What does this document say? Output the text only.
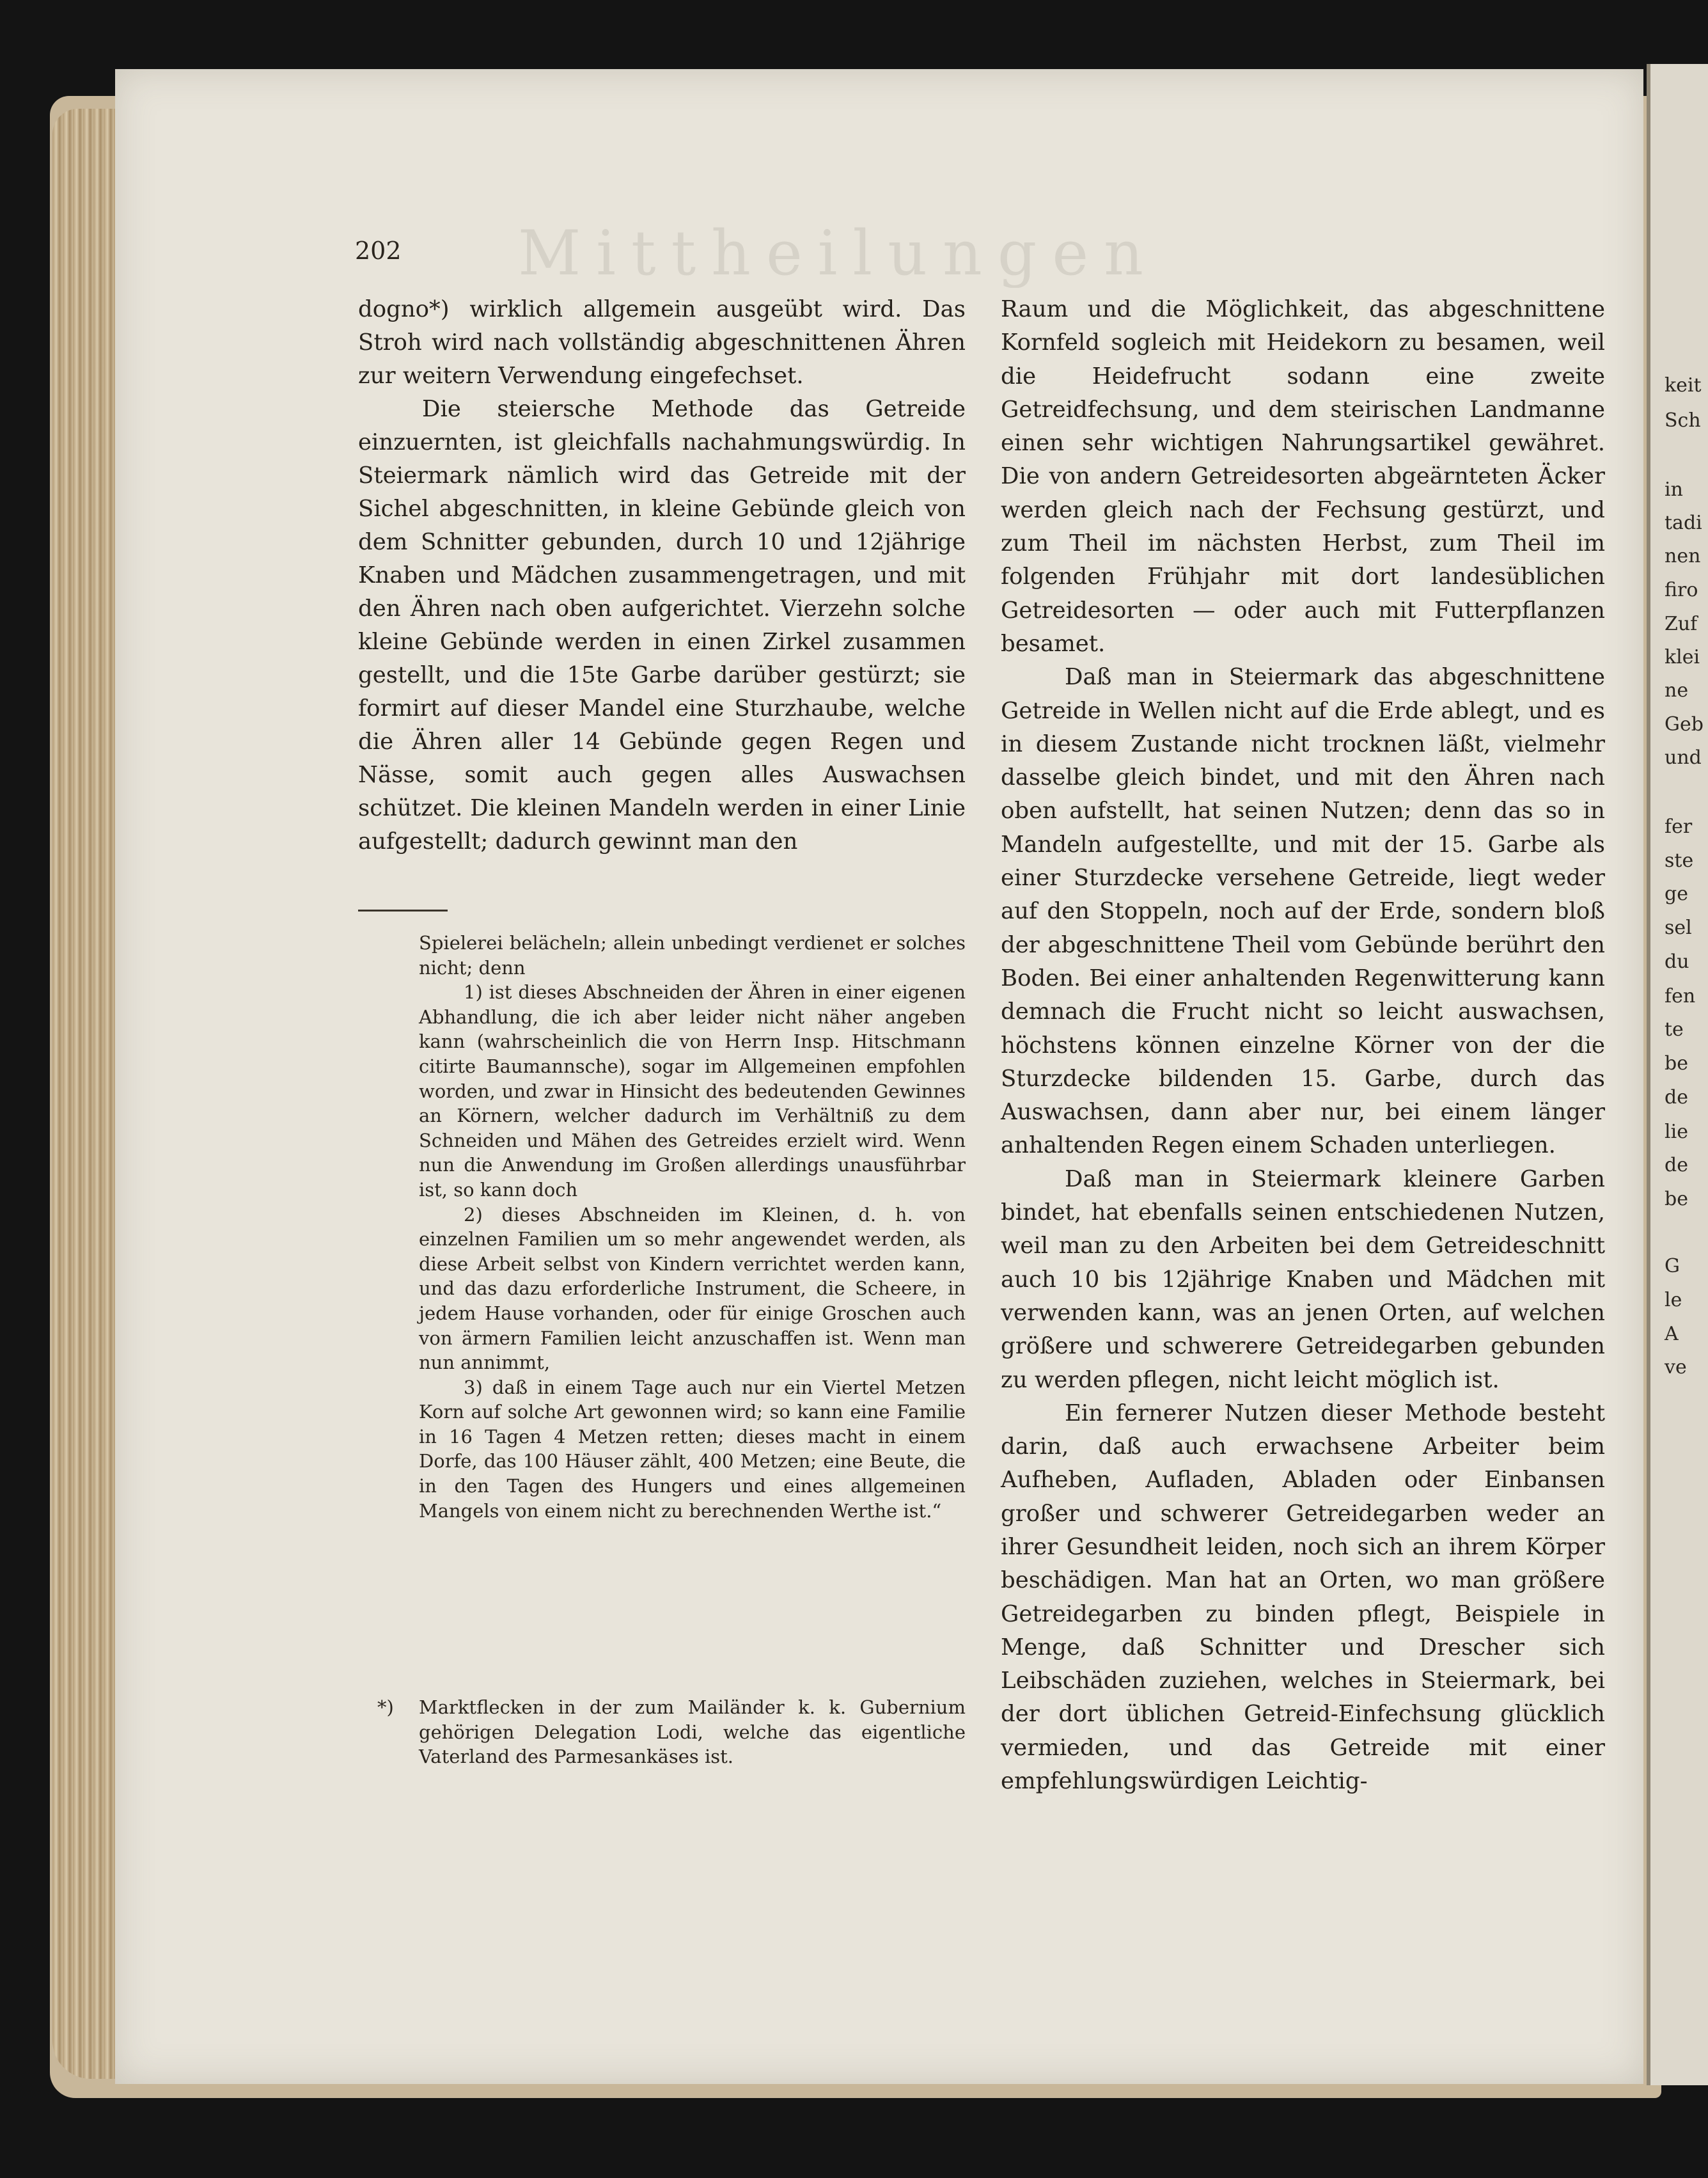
keit
Sch
in
tadi
nen
firo
Zuf
klei
ne
Geb
und
fer
ste
ge
sel
du
fen
te
be
de
lie
de
be
G
le
A
ve
Mittheilungen
202

dogno*) wirklich allgemein ausgeübt wird. Das Stroh wird nach vollständig abgeschnittenen Ähren zur weitern Verwendung eingefechset.

Die steiersche Methode das Getreide einzuernten, ist gleichfalls nachahmungswürdig. In Steiermark nämlich wird das Getreide mit der Sichel abgeschnitten, in kleine Gebünde gleich von dem Schnitter gebunden, durch 10 und 12jährige Knaben und Mädchen zusammengetragen, und mit den Ähren nach oben aufgerichtet. Vierzehn solche kleine Gebünde werden in einen Zirkel zusammen gestellt, und die 15te Garbe darüber gestürzt; sie formirt auf dieser Mandel eine Sturzhaube, welche die Ähren aller 14 Gebünde gegen Regen und Nässe, somit auch gegen alles Auswachsen schützet. Die kleinen Mandeln werden in einer Linie aufgestellt; dadurch gewinnt man den

Spielerei belächeln; allein unbedingt verdienet er solches nicht; denn

1) ist dieses Abschneiden der Ähren in einer eigenen Abhandlung, die ich aber leider nicht näher angeben kann (wahrscheinlich die von Herrn Insp. Hitschmann citirte Baumannsche), sogar im Allgemeinen empfohlen worden, und zwar in Hinsicht des bedeutenden Gewinnes an Körnern, welcher dadurch im Verhältniß zu dem Schneiden und Mähen des Getreides erzielt wird. Wenn nun die Anwendung im Großen allerdings unausführbar ist, so kann doch

2) dieses Abschneiden im Kleinen, d. h. von einzelnen Familien um so mehr angewendet werden, als diese Arbeit selbst von Kindern verrichtet werden kann, und das dazu erforderliche Instrument, die Scheere, in jedem Hause vorhanden, oder für einige Groschen auch von ärmern Familien leicht anzuschaffen ist. Wenn man nun annimmt,

3) daß in einem Tage auch nur ein Viertel Metzen Korn auf solche Art gewonnen wird; so kann eine Familie in 16 Tagen 4 Metzen retten; dieses macht in einem Dorfe, das 100 Häuser zählt, 400 Metzen; eine Beute, die in den Tagen des Hungers und eines allgemeinen Mangels von einem nicht zu berechnenden Werthe ist.“

*) Marktflecken in der zum Mailänder k. k. Gubernium gehörigen Delegation Lodi, welche das eigentliche Vaterland des Parmesankäses ist.

Raum und die Möglichkeit, das abgeschnittene Kornfeld sogleich mit Heidekorn zu besamen, weil die Heidefrucht sodann eine zweite Getreidfechsung, und dem steirischen Landmanne einen sehr wichtigen Nahrungsartikel gewähret. Die von andern Getreidesorten abgeärnteten Äcker werden gleich nach der Fechsung gestürzt, und zum Theil im nächsten Herbst, zum Theil im folgenden Frühjahr mit dort landesüblichen Getreidesorten — oder auch mit Futterpflanzen besamet.

Daß man in Steiermark das abgeschnittene Getreide in Wellen nicht auf die Erde ablegt, und es in diesem Zustande nicht trocknen läßt, vielmehr dasselbe gleich bindet, und mit den Ähren nach oben aufstellt, hat seinen Nutzen; denn das so in Mandeln aufgestellte, und mit der 15. Garbe als einer Sturzdecke versehene Getreide, liegt weder auf den Stoppeln, noch auf der Erde, sondern bloß der abgeschnittene Theil vom Gebünde berührt den Boden. Bei einer anhaltenden Regenwitterung kann demnach die Frucht nicht so leicht auswachsen, höchstens können einzelne Körner von der die Sturzdecke bildenden 15. Garbe, durch das Auswachsen, dann aber nur, bei einem länger anhaltenden Regen einem Schaden unterliegen.

Daß man in Steiermark kleinere Garben bindet, hat ebenfalls seinen entschiedenen Nutzen, weil man zu den Arbeiten bei dem Getreideschnitt auch 10 bis 12jährige Knaben und Mädchen mit verwenden kann, was an jenen Orten, auf welchen größere und schwerere Getreidegarben gebunden zu werden pflegen, nicht leicht möglich ist.

Ein fernerer Nutzen dieser Methode besteht darin, daß auch erwachsene Arbeiter beim Aufheben, Aufladen, Abladen oder Einbansen großer und schwerer Getreidegarben weder an ihrer Gesundheit leiden, noch sich an ihrem Körper beschädigen. Man hat an Orten, wo man größere Getreidegarben zu binden pflegt, Beispiele in Menge, daß Schnitter und Drescher sich Leibschäden zuziehen, welches in Steiermark, bei der dort üblichen Getreid-Einfechsung glücklich vermieden, und das Getreide mit einer empfehlungswürdigen Leichtig-
